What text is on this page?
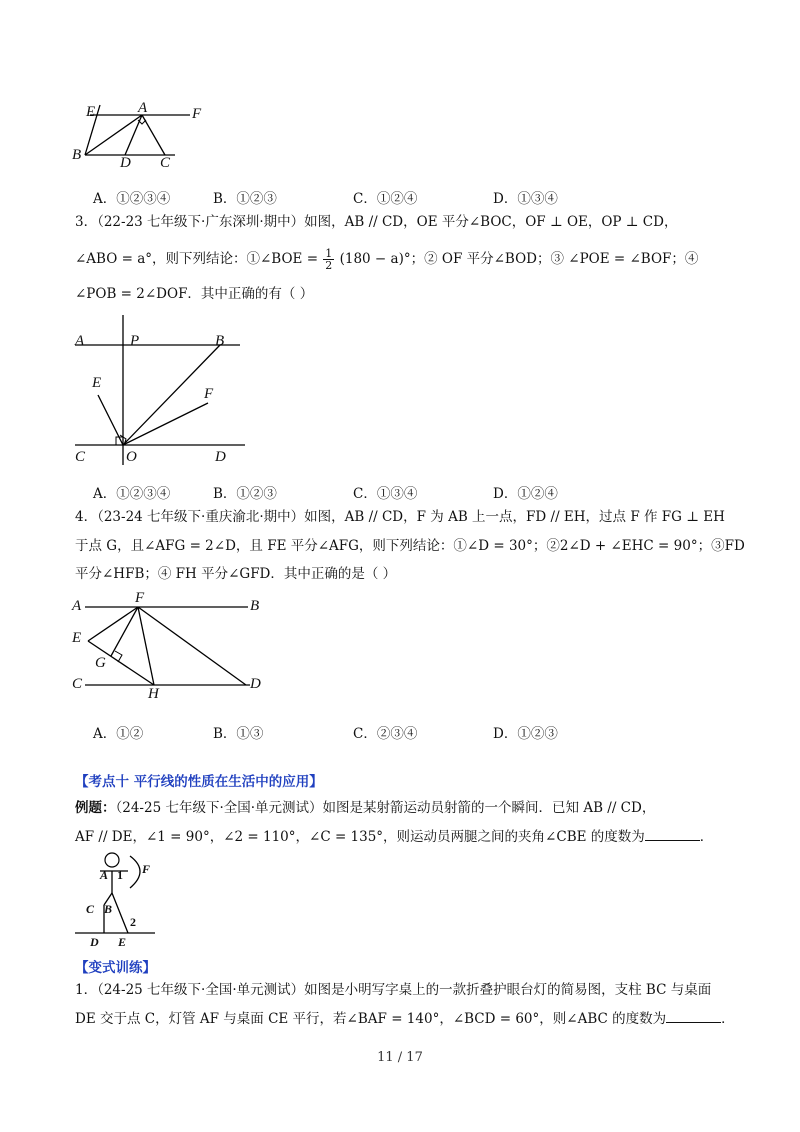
E	A	F
B	D C
A．①②③④	B．①②③	C．①②④	D．①③④
3．（22-23 七年级下·广东深圳·期中）如图，AB // CD，OE 平分∠BOC，OF ⊥ OE，OP ⊥ CD，
∠ABO = a°，则下列结论：①∠BOE = $\frac{1}{2} (180 - a)^\circ$；② OF 平分∠BOD；③ ∠POE = ∠BOF；④
∠POB = 2∠DOF．其中正确的有（ ）
A	P	B
E
F
C	O	D
A．①②③④	B．①②③	C．①③④	D．①②④
4．（23-24 七年级下·重庆渝北·期中）如图，AB // CD，F 为 AB 上一点，FD // EH，过点 F 作 FG ⊥ EH
于点 G，且∠AFG = 2∠D，且 FE 平分∠AFG，则下列结论：①∠D = 30°；②2∠D + ∠EHC = 90°；③FD
平分∠HFB；④ FH 平分∠GFD．其中正确的是（ ）
A	F	B
E
G
C
H
D
A．①②	B．①③	C．②③④	D．①②③
【考点十 平行线的性质在生活中的应用】
例题：（24-25 七年级下·全国·单元测试）如图是某射箭运动员射箭的一个瞬间．已知 AB // CD，
AF // DE，∠1 = 90°，∠2 = 110°，∠C = 135°，则运动员两腿之间的夹角∠CBE 的度数为	．
A 1 F
C B
2
D E
【变式训练】
1．（24-25 七年级下·全国·单元测试）如图是小明写字桌上的一款折叠护眼台灯的简易图，支柱 BC 与桌面
DE 交于点 C，灯管 AF 与桌面 CE 平行，若∠BAF = 140°，∠BCD = 60°，则∠ABC 的度数为	．
11 / 17
